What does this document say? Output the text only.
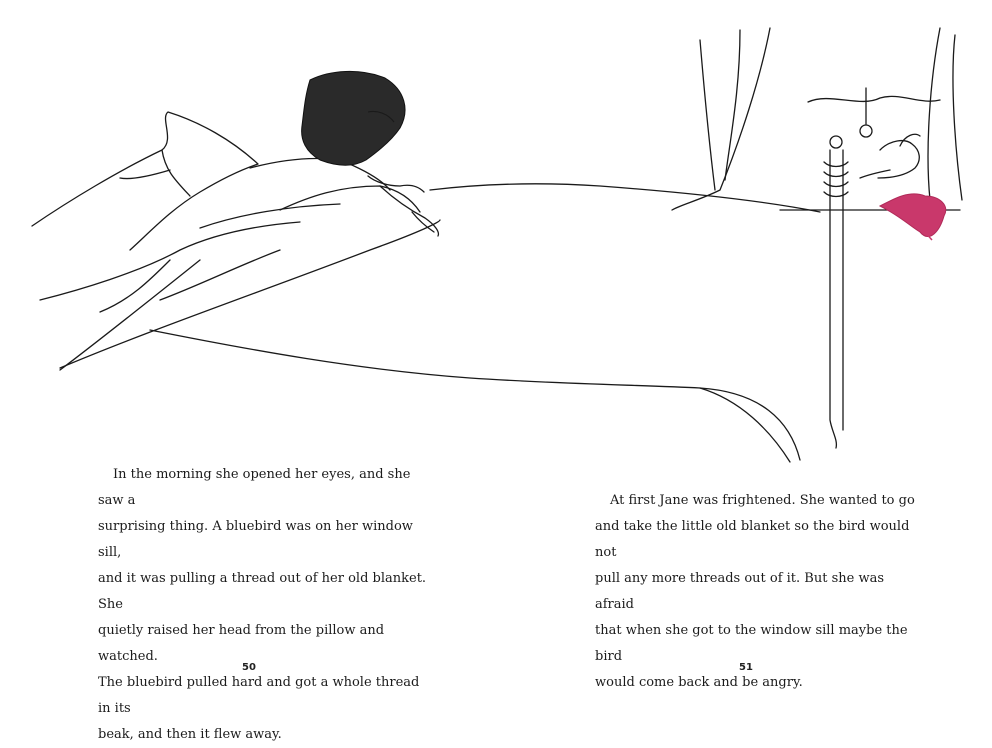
In the morning she opened her eyes, and she saw a
surprising thing. A bluebird was on her window sill,
and it was pulling a thread out of her old blanket. She
quietly raised her head from the pillow and watched.
The bluebird pulled hard and got a whole thread in its
beak, and then it flew away.

At first Jane was frightened. She wanted to go
and take the little old blanket so the bird would not
pull any more threads out of it. But she was afraid
that when she got to the window sill maybe the bird
would come back and be angry.

50	51
